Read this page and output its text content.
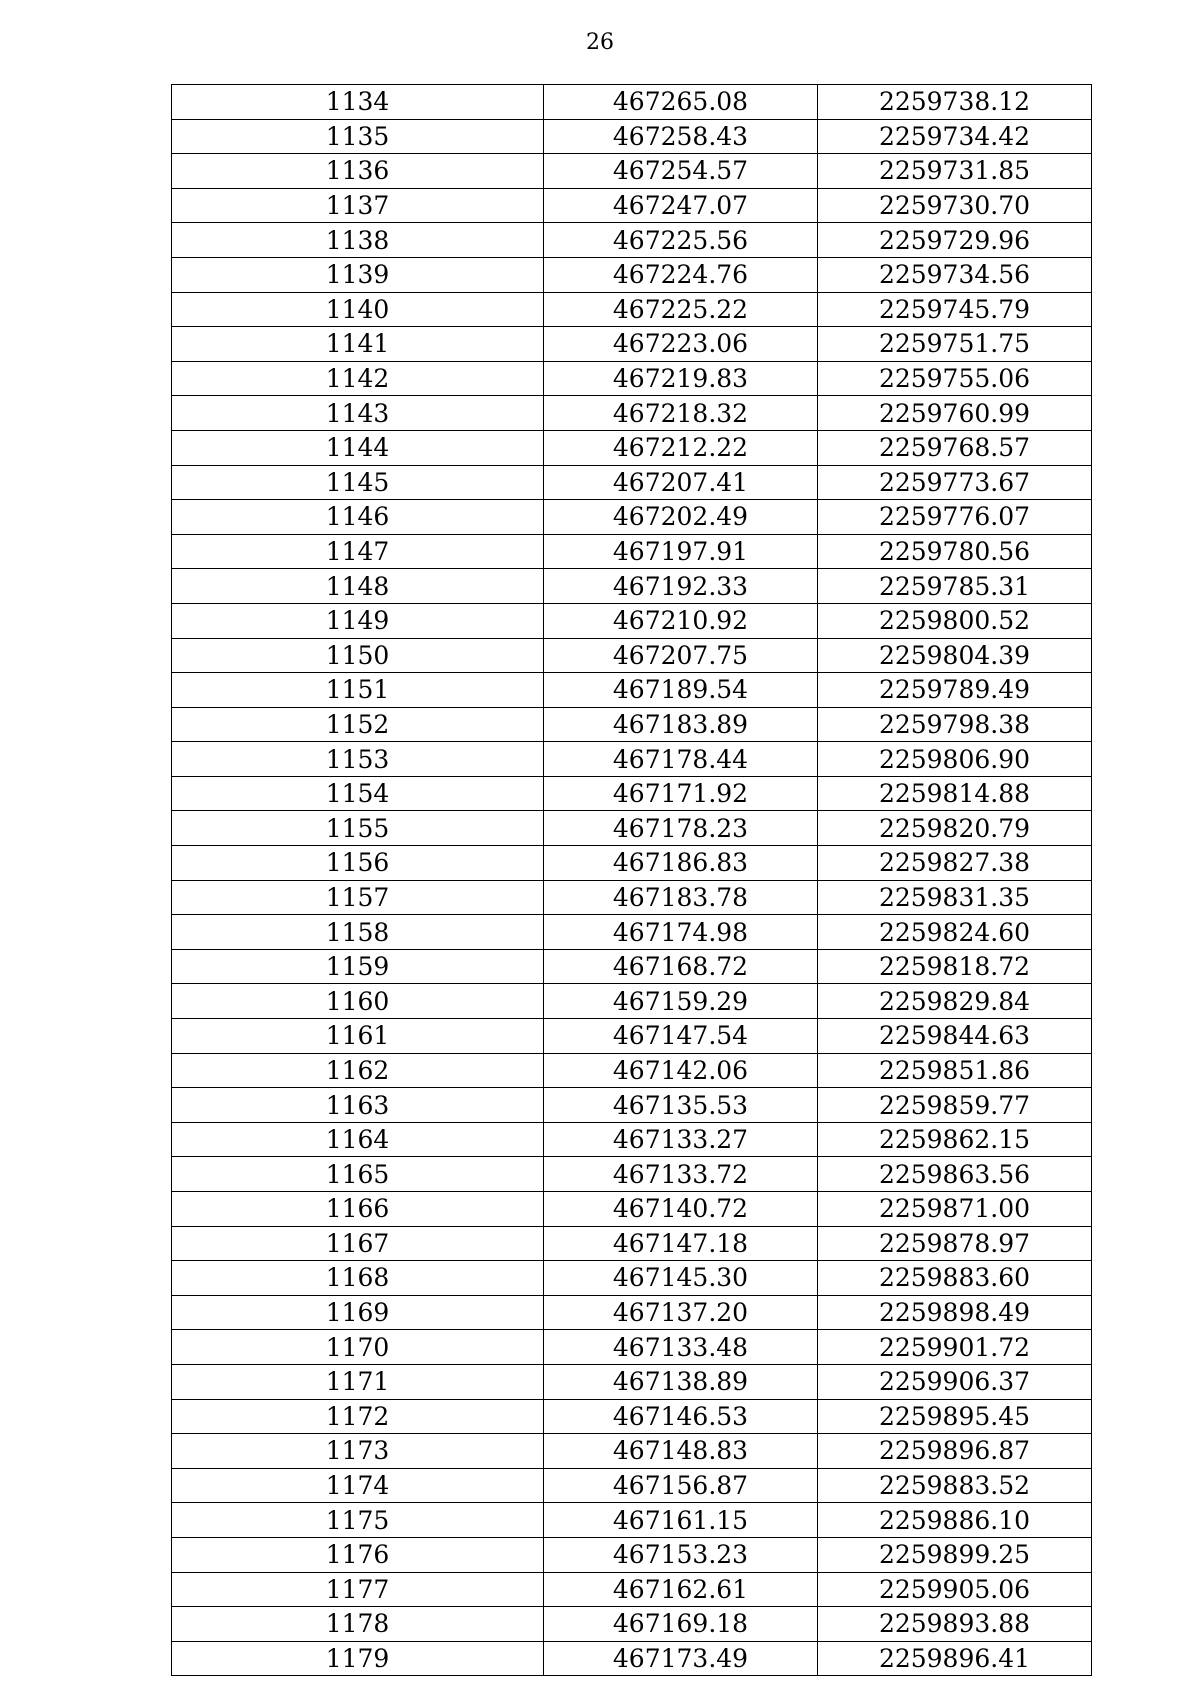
26
1134	467265.08	2259738.12
1135	467258.43	2259734.42
1136	467254.57	2259731.85
1137	467247.07	2259730.70
1138	467225.56	2259729.96
1139	467224.76	2259734.56
1140	467225.22	2259745.79
1141	467223.06	2259751.75
1142	467219.83	2259755.06
1143	467218.32	2259760.99
1144	467212.22	2259768.57
1145	467207.41	2259773.67
1146	467202.49	2259776.07
1147	467197.91	2259780.56
1148	467192.33	2259785.31
1149	467210.92	2259800.52
1150	467207.75	2259804.39
1151	467189.54	2259789.49
1152	467183.89	2259798.38
1153	467178.44	2259806.90
1154	467171.92	2259814.88
1155	467178.23	2259820.79
1156	467186.83	2259827.38
1157	467183.78	2259831.35
1158	467174.98	2259824.60
1159	467168.72	2259818.72
1160	467159.29	2259829.84
1161	467147.54	2259844.63
1162	467142.06	2259851.86
1163	467135.53	2259859.77
1164	467133.27	2259862.15
1165	467133.72	2259863.56
1166	467140.72	2259871.00
1167	467147.18	2259878.97
1168	467145.30	2259883.60
1169	467137.20	2259898.49
1170	467133.48	2259901.72
1171	467138.89	2259906.37
1172	467146.53	2259895.45
1173	467148.83	2259896.87
1174	467156.87	2259883.52
1175	467161.15	2259886.10
1176	467153.23	2259899.25
1177	467162.61	2259905.06
1178	467169.18	2259893.88
1179	467173.49	2259896.41
